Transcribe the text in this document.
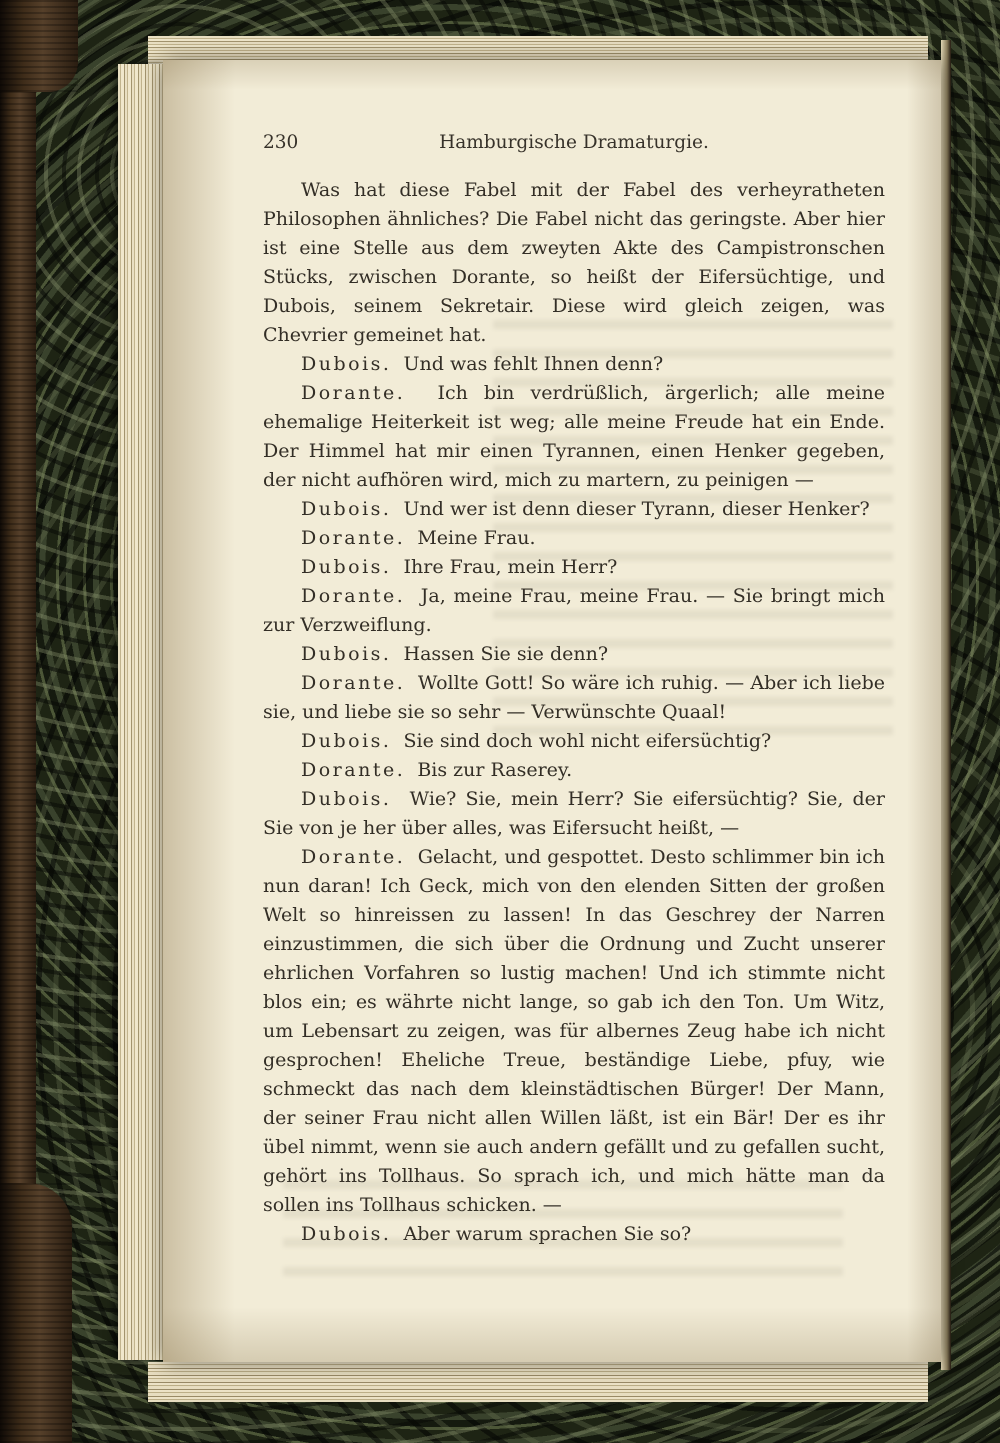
230	Hamburgische Dramaturgie.

Was hat diese Fabel mit der Fabel des verheyratheten Philosophen ähnliches? Die Fabel nicht das geringste. Aber hier ist eine Stelle aus dem zweyten Akte des Campistronschen Stücks, zwischen Dorante, so heißt der Eifersüchtige, und Dubois, seinem Sekretair. Diese wird gleich zeigen, was Chevrier gemeinet hat.

Dubois.  Und was fehlt Ihnen denn?

Dorante.  Ich bin verdrüßlich, ärgerlich; alle meine ehemalige Heiterkeit ist weg; alle meine Freude hat ein Ende. Der Himmel hat mir einen Tyrannen, einen Henker gegeben, der nicht aufhören wird, mich zu martern, zu peinigen —

Dubois.  Und wer ist denn dieser Tyrann, dieser Henker?

Dorante.  Meine Frau.

Dubois.  Ihre Frau, mein Herr?

Dorante.  Ja, meine Frau, meine Frau. — Sie bringt mich zur Verzweiflung.

Dubois.  Hassen Sie sie denn?

Dorante.  Wollte Gott! So wäre ich ruhig. — Aber ich liebe sie, und liebe sie so sehr — Verwünschte Quaal!

Dubois.  Sie sind doch wohl nicht eifersüchtig?

Dorante.  Bis zur Raserey.

Dubois.  Wie? Sie, mein Herr? Sie eifersüchtig? Sie, der Sie von je her über alles, was Eifersucht heißt, —

Dorante.  Gelacht, und gespottet. Desto schlimmer bin ich nun daran! Ich Geck, mich von den elenden Sitten der großen Welt so hinreissen zu lassen! In das Geschrey der Narren einzustimmen, die sich über die Ordnung und Zucht unserer ehrlichen Vorfahren so lustig machen! Und ich stimmte nicht blos ein; es währte nicht lange, so gab ich den Ton. Um Witz, um Lebensart zu zeigen, was für albernes Zeug habe ich nicht gesprochen! Eheliche Treue, beständige Liebe, pfuy, wie schmeckt das nach dem kleinstädtischen Bürger! Der Mann, der seiner Frau nicht allen Willen läßt, ist ein Bär! Der es ihr übel nimmt, wenn sie auch andern gefällt und zu gefallen sucht, gehört ins Tollhaus. So sprach ich, und mich hätte man da sollen ins Tollhaus schicken. —

Dubois.  Aber warum sprachen Sie so?
